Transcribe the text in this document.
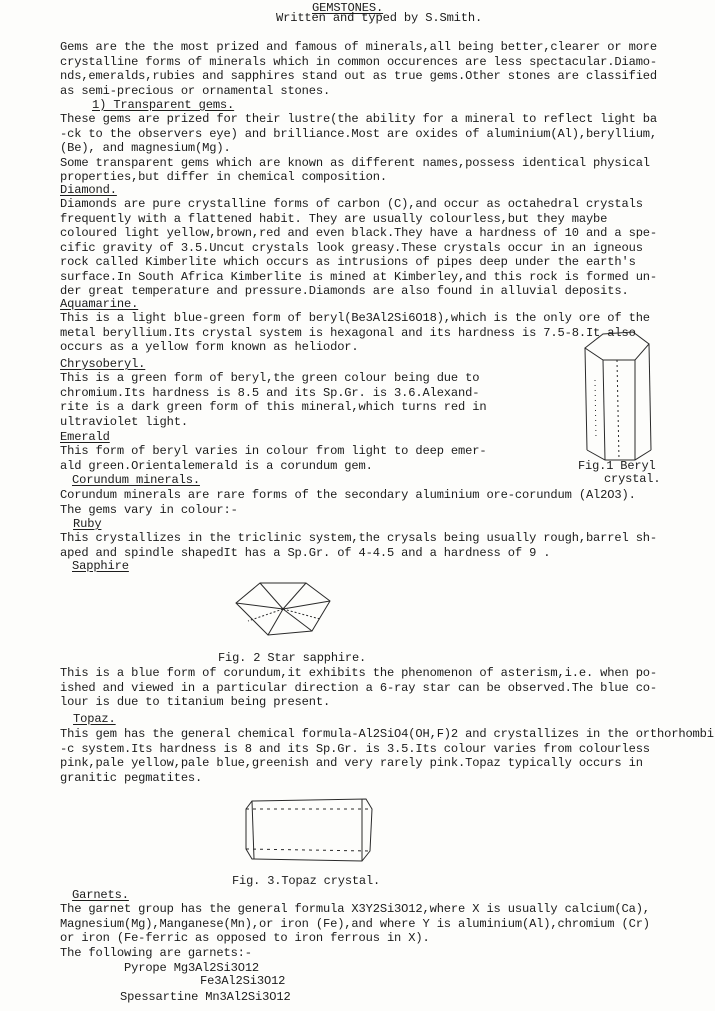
GEMSTONES.
Written and typed by S.Smith.
Gems are the the most prized and famous of minerals,all being better,clearer or more
crystalline forms of minerals which in common occurences are less spectacular.Diamo-
nds,emeralds,rubies and sapphires stand out as true gems.Other stones are classified
as semi-precious or ornamental stones.
1) Transparent gems.
These gems are prized for their lustre(the ability for a mineral to reflect light ba
-ck to the observers eye) and brilliance.Most are oxides of aluminium(Al),beryllium,
(Be), and magnesium(Mg).
Some transparent gems which are known as different names,possess identical physical
properties,but differ in chemical composition.
Diamond.
Diamonds are pure crystalline forms of carbon (C),and occur as octahedral crystals
frequently with a flattened habit. They are usually colourless,but they maybe
coloured light yellow,brown,red and even black.They have a hardness of 10 and a spe-
cific gravity of 3.5.Uncut crystals look greasy.These crystals occur in an igneous
rock called Kimberlite which occurs as intrusions of pipes deep under the earth's
surface.In South Africa Kimberlite is mined at Kimberley,and this rock is formed un-
der great temperature and pressure.Diamonds are also found in alluvial deposits.
Aquamarine.
This is a light blue-green form of beryl(Be3Al2Si6O18),which is the only ore of the
metal beryllium.Its crystal system is hexagonal and its hardness is 7.5-8.It also
occurs as a yellow form known as heliodor.
Chrysoberyl.
This is a green form of beryl,the green colour being due to
chromium.Its hardness is 8.5 and its Sp.Gr. is 3.6.Alexand-
rite is a dark green form of this mineral,which turns red in
ultraviolet light.
Emerald
This form of beryl varies in colour from light to deep emer-
ald green.Orientalemerald is a corundum gem.	Fig.1 Beryl
crystal.
Corundum minerals.
Corundum minerals are rare forms of the secondary aluminium ore-corundum (Al2O3).
The gems vary in colour:-
Ruby
This crystallizes in the triclinic system,the crysals being usually rough,barrel sh-
aped and spindle shapedIt has a Sp.Gr. of 4-4.5 and a hardness of 9 .
Sapphire
Fig. 2 Star sapphire.
This is a blue form of corundum,it exhibits the phenomenon of asterism,i.e. when po-
ished and viewed in a particular direction a 6-ray star can be observed.The blue co-
lour is due to titanium being present.
Topaz.
This gem has the general chemical formula-Al2SiO4(OH,F)2 and crystallizes in the orthorhombi
-c system.Its hardness is 8 and its Sp.Gr. is 3.5.Its colour varies from colourless
pink,pale yellow,pale blue,greenish and very rarely pink.Topaz typically occurs in
granitic pegmatites.
Fig. 3.Topaz crystal.
Garnets.
The garnet group has the general formula X3Y2Si3O12,where X is usually calcium(Ca),
Magnesium(Mg),Manganese(Mn),or iron (Fe),and where Y is aluminium(Al),chromium (Cr)
or iron (Fe-ferric as opposed to iron ferrous in X).
The following are garnets:-
Pyrope Mg3Al2Si3O12
Fe3Al2Si3O12
Spessartine Mn3Al2Si3O12
